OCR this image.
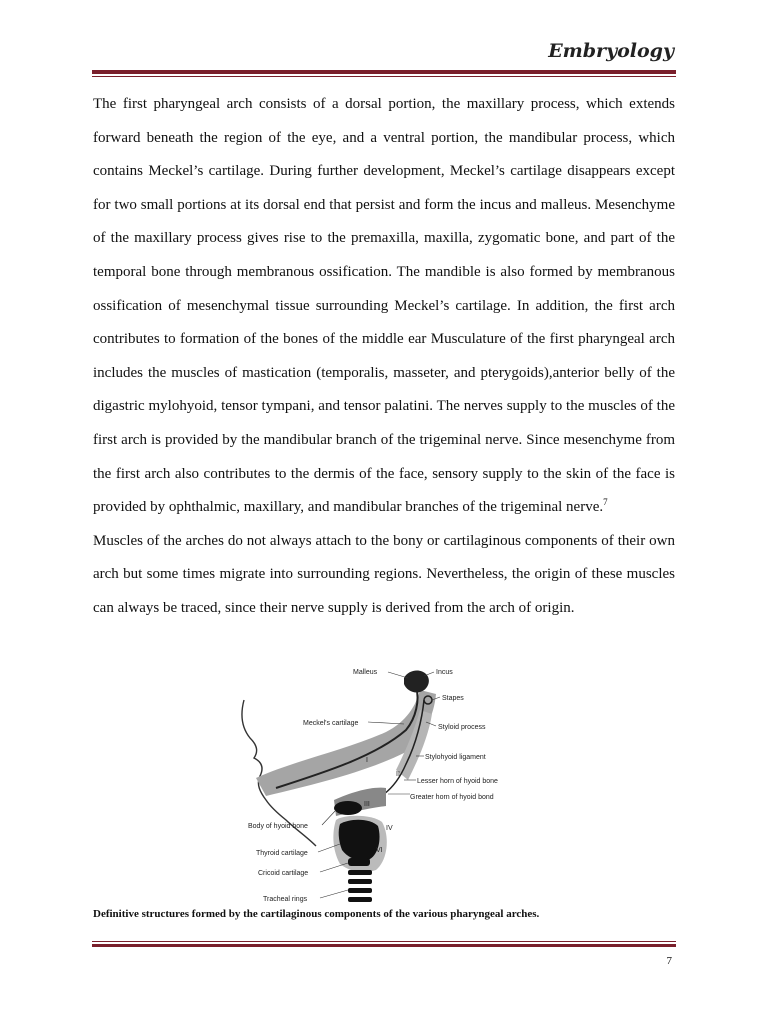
Embryology

The first pharyngeal arch consists of a dorsal portion, the maxillary process, which extends forward beneath the region of the eye, and a ventral portion, the mandibular process, which contains Meckel’s cartilage. During further development, Meckel’s cartilage disappears except for two small portions at its dorsal end that persist and form the incus and malleus. Mesenchyme of the maxillary process gives rise to the premaxilla, maxilla, zygomatic bone, and part of the temporal bone through membranous ossification. The mandible is also formed by membranous ossification of mesenchymal tissue surrounding Meckel’s cartilage. In addition, the first arch contributes to formation of the bones of the middle ear Musculature of the first pharyngeal arch includes the muscles of mastication (temporalis, masseter, and pterygoids),anterior belly of the digastric mylohyoid, tensor tympani, and tensor palatini. The nerves supply to the muscles of the first arch is provided by the mandibular branch of the trigeminal nerve. Since mesenchyme from the first arch also contributes to the dermis of the face, sensory supply to the skin of the face is provided by ophthalmic, maxillary, and mandibular branches of the trigeminal nerve.$^7$

Muscles of the arches do not always attach to the bony or cartilaginous components of their own arch but some times migrate into surrounding regions. Nevertheless, the origin of these muscles can always be traced, since their nerve supply is derived from the arch of origin.

I
II
III
IV
VI
Malleus	Incus
Stapes
Meckel's cartilage
Styloid process
Stylohyoid ligament
Lesser horn of hyoid bone
Greater horn of hyoid bond
Body of hyoid bone
Thyroid cartilage
Cricoid cartilage
Tracheal rings

Definitive structures formed by the cartilaginous components of the various pharyngeal arches.

7
